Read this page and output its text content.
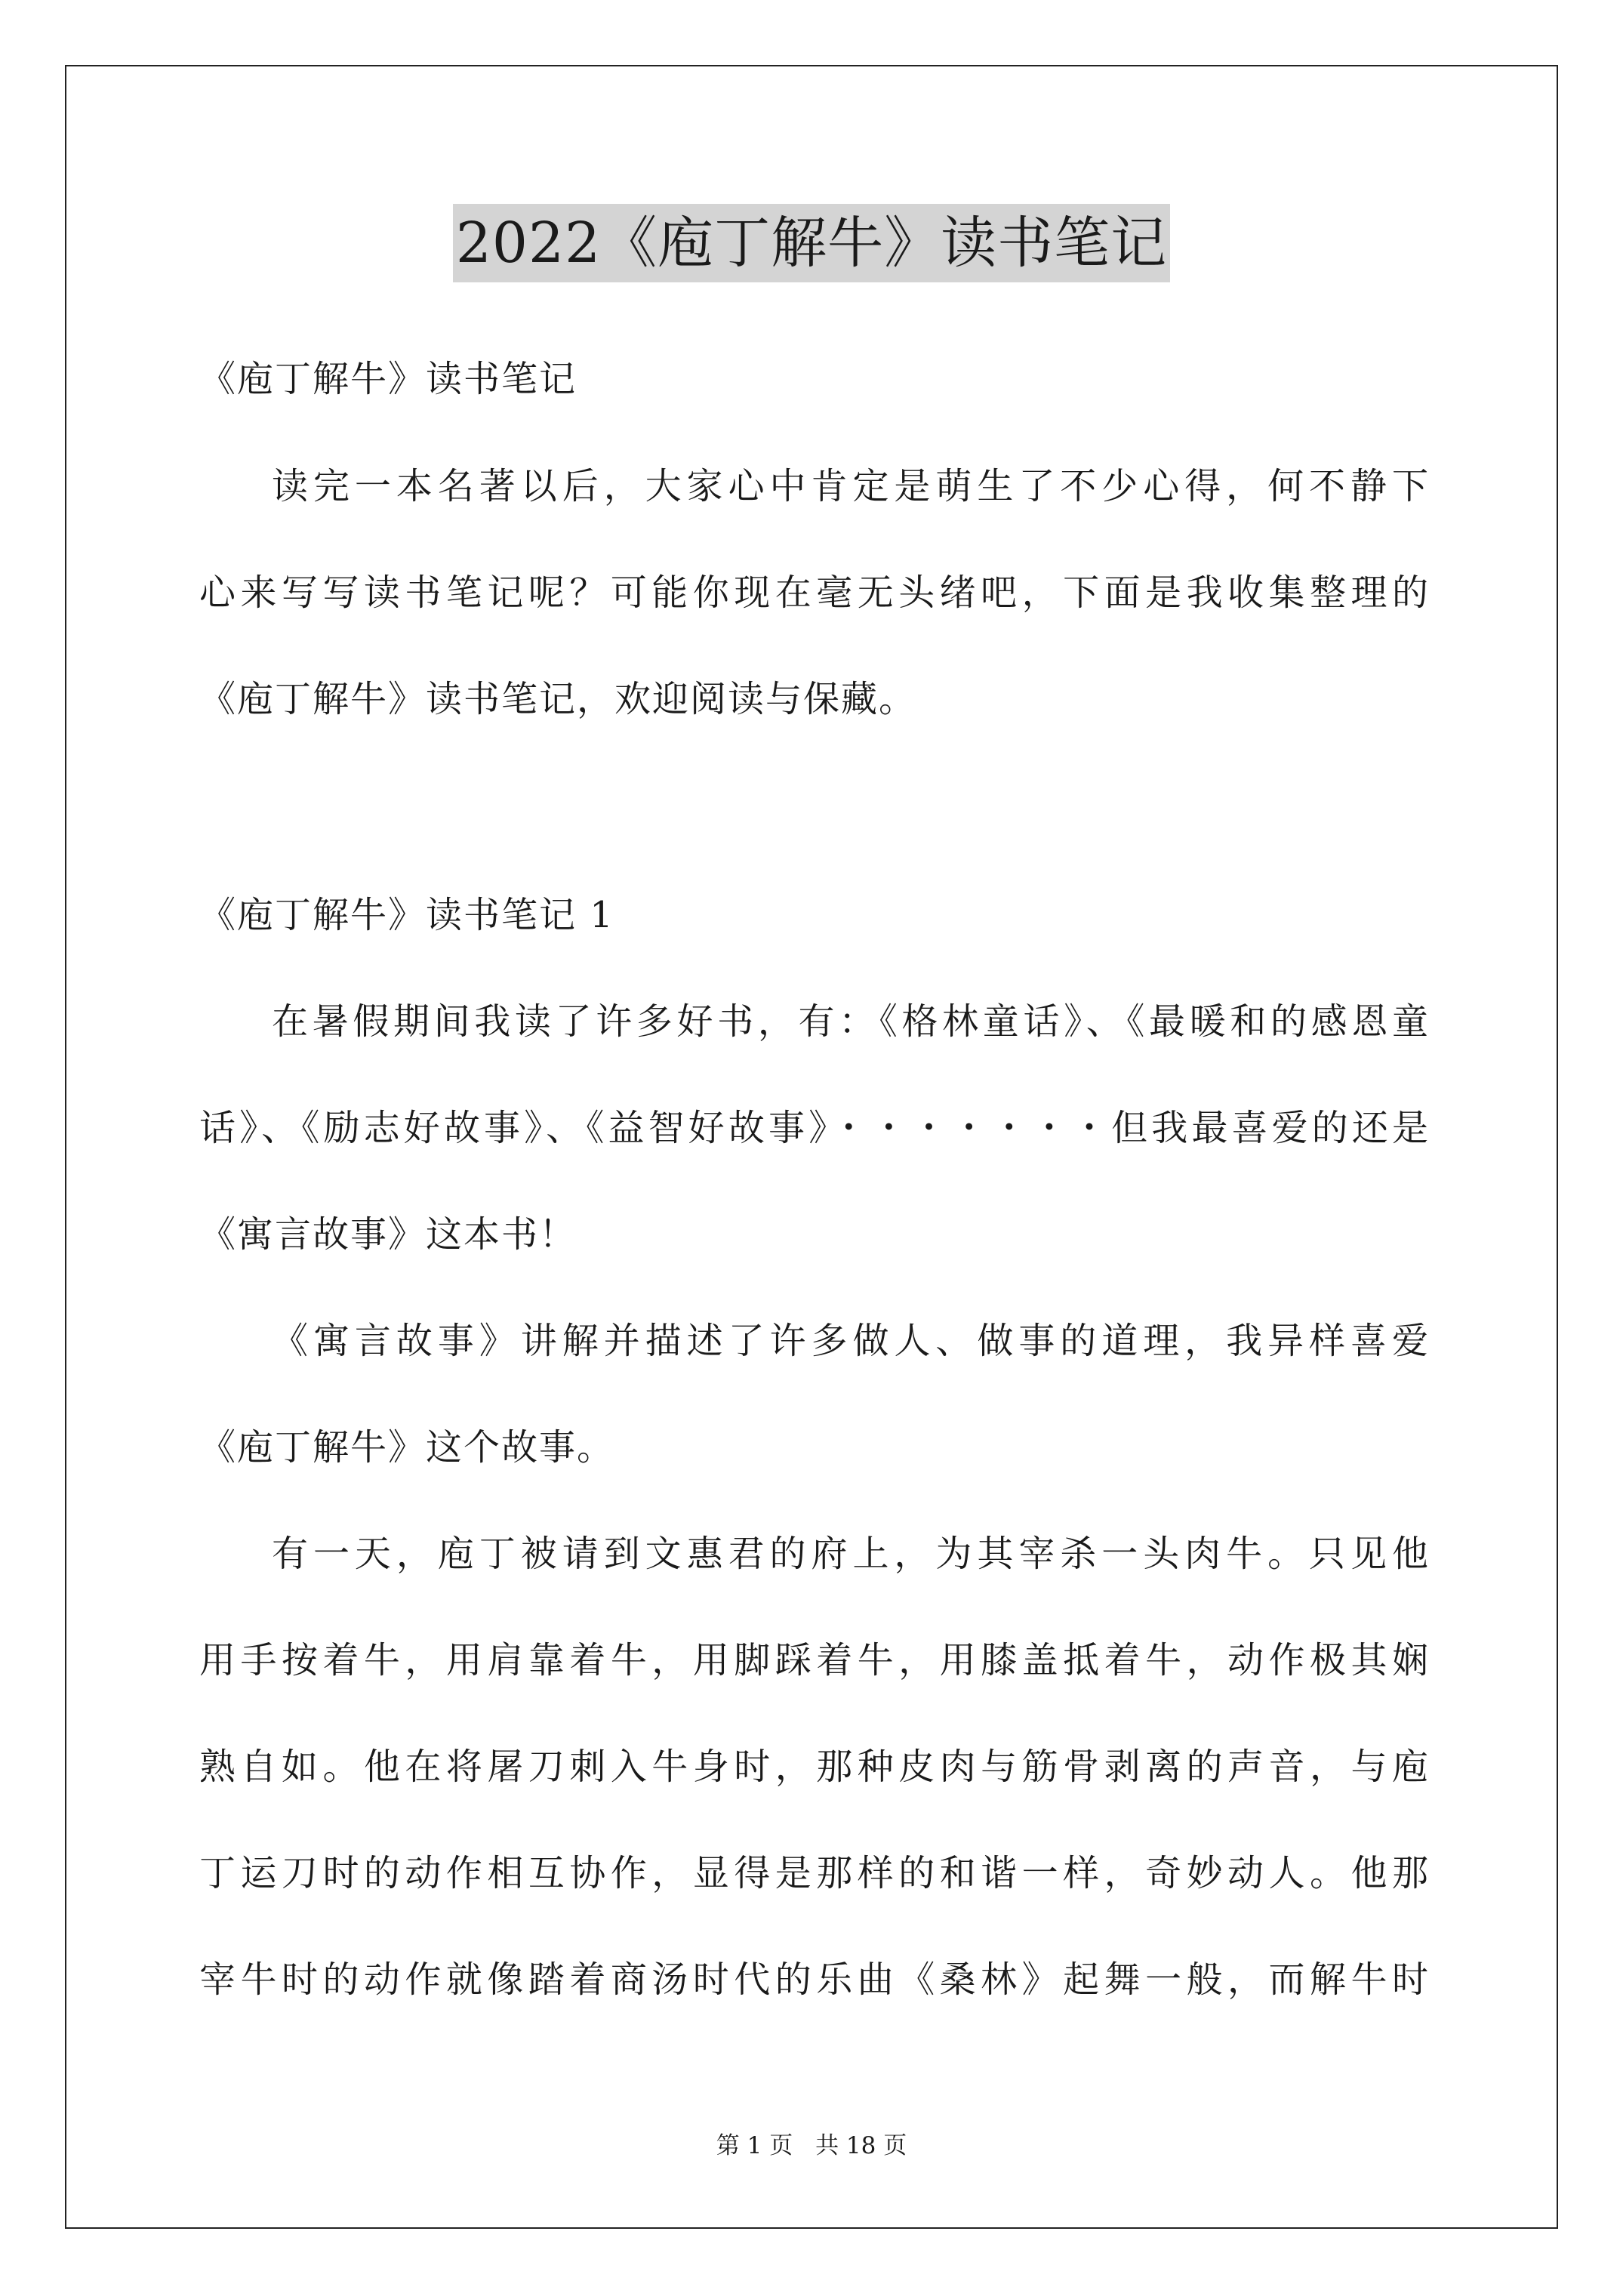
2022《庖丁解牛》读书笔记
《庖丁解牛》读书笔记
读完一本名著以后，大家心中肯定是萌生了不少心得，何不静下
心来写写读书笔记呢？可能你现在毫无头绪吧，下面是我收集整理的
《庖丁解牛》读书笔记，欢迎阅读与保藏。
《庖丁解牛》读书笔记 1
在暑假期间我读了许多好书，有：《格林童话》、《最暖和的感恩童
话》、《励志好故事》、《益智好故事》・・・・・・・但我最喜爱的还是
《寓言故事》这本书！
《寓言故事》讲解并描述了许多做人、做事的道理，我异样喜爱
《庖丁解牛》这个故事。
有一天，庖丁被请到文惠君的府上，为其宰杀一头肉牛。只见他
用手按着牛，用肩靠着牛，用脚踩着牛，用膝盖抵着牛，动作极其娴
熟自如。他在将屠刀刺入牛身时，那种皮肉与筋骨剥离的声音，与庖
丁运刀时的动作相互协作，显得是那样的和谐一样，奇妙动人。他那
宰牛时的动作就像踏着商汤时代的乐曲《桑林》起舞一般，而解牛时
第 1 页 共 18 页
